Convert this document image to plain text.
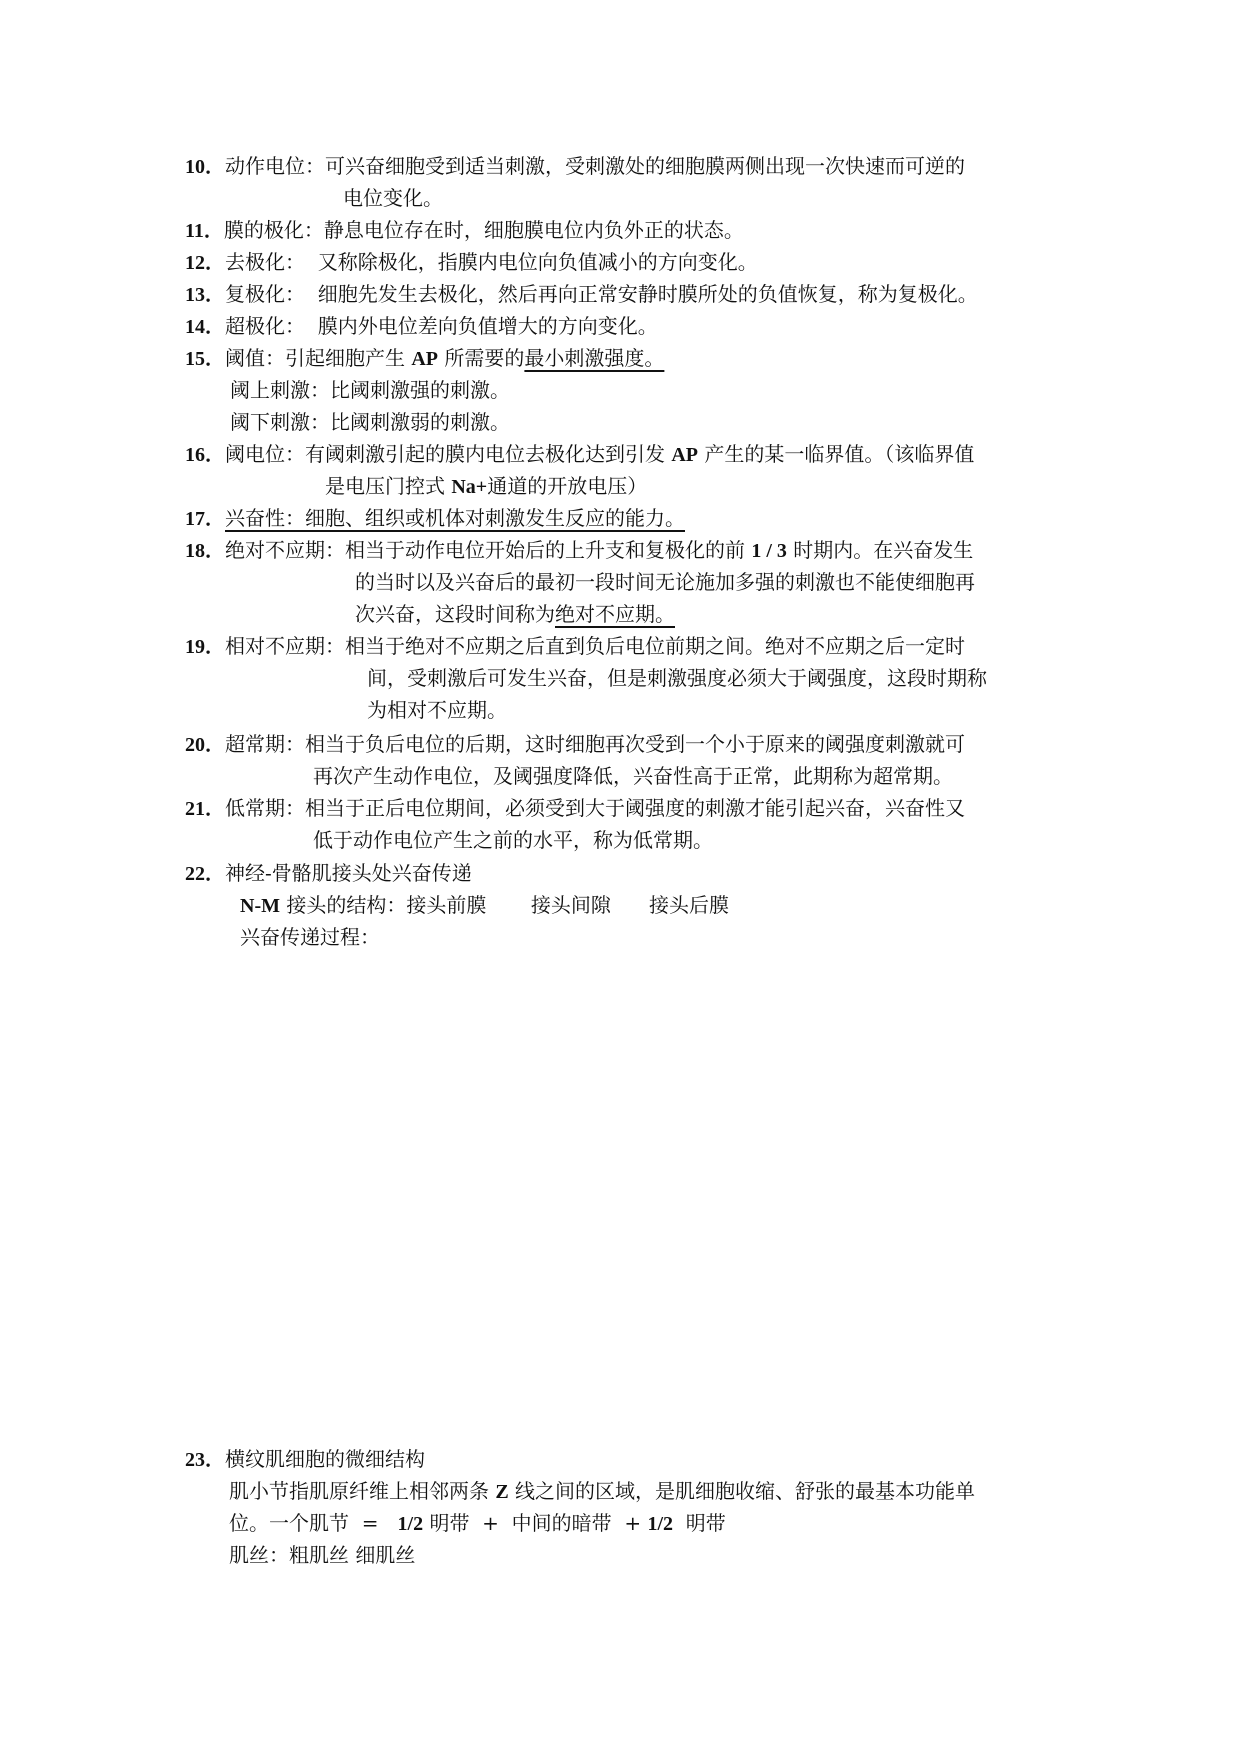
10．动作电位：可兴奋细胞受到适当刺激，受刺激处的细胞膜两侧出现一次快速而可逆的
电位变化。
11．膜的极化：静息电位存在时，细胞膜电位内负外正的状态。
12．去极化：  又称除极化，指膜内电位向负值减小的方向变化。
13．复极化：  细胞先发生去极化，然后再向正常安静时膜所处的负值恢复，称为复极化。
14．超极化：  膜内外电位差向负值增大的方向变化。
15．阈值：引起细胞产生 AP 所需要的最小刺激强度。
阈上刺激：比阈刺激强的刺激。
阈下刺激：比阈刺激弱的刺激。
16．阈电位：有阈刺激引起的膜内电位去极化达到引发 AP 产生的某一临界值。（该临界值
是电压门控式 Na+通道的开放电压）
17．兴奋性：细胞、组织或机体对刺激发生反应的能力。
18．绝对不应期：相当于动作电位开始后的上升支和复极化的前 1 / 3 时期内。在兴奋发生
的当时以及兴奋后的最初一段时间无论施加多强的刺激也不能使细胞再
次兴奋，这段时间称为绝对不应期。
19．相对不应期：相当于绝对不应期之后直到负后电位前期之间。绝对不应期之后一定时
间，受刺激后可发生兴奋，但是刺激强度必须大于阈强度，这段时期称
为相对不应期。
20．超常期：相当于负后电位的后期，这时细胞再次受到一个小于原来的阈强度刺激就可
再次产生动作电位，及阈强度降低，兴奋性高于正常，此期称为超常期。
21．低常期：相当于正后电位期间，必须受到大于阈强度的刺激才能引起兴奋，兴奋性又
低于动作电位产生之前的水平，称为低常期。
22．神经-骨骼肌接头处兴奋传递
N-M 接头的结构：接头前膜       接头间隙      接头后膜
兴奋传递过程：
23．横纹肌细胞的微细结构
肌小节指肌原纤维上相邻两条 Z 线之间的区域，是肌细胞收缩、舒张的最基本功能单
位。一个肌节  =   1/2 明带  +  中间的暗带  + 1/2  明带
肌丝：粗肌丝 细肌丝
